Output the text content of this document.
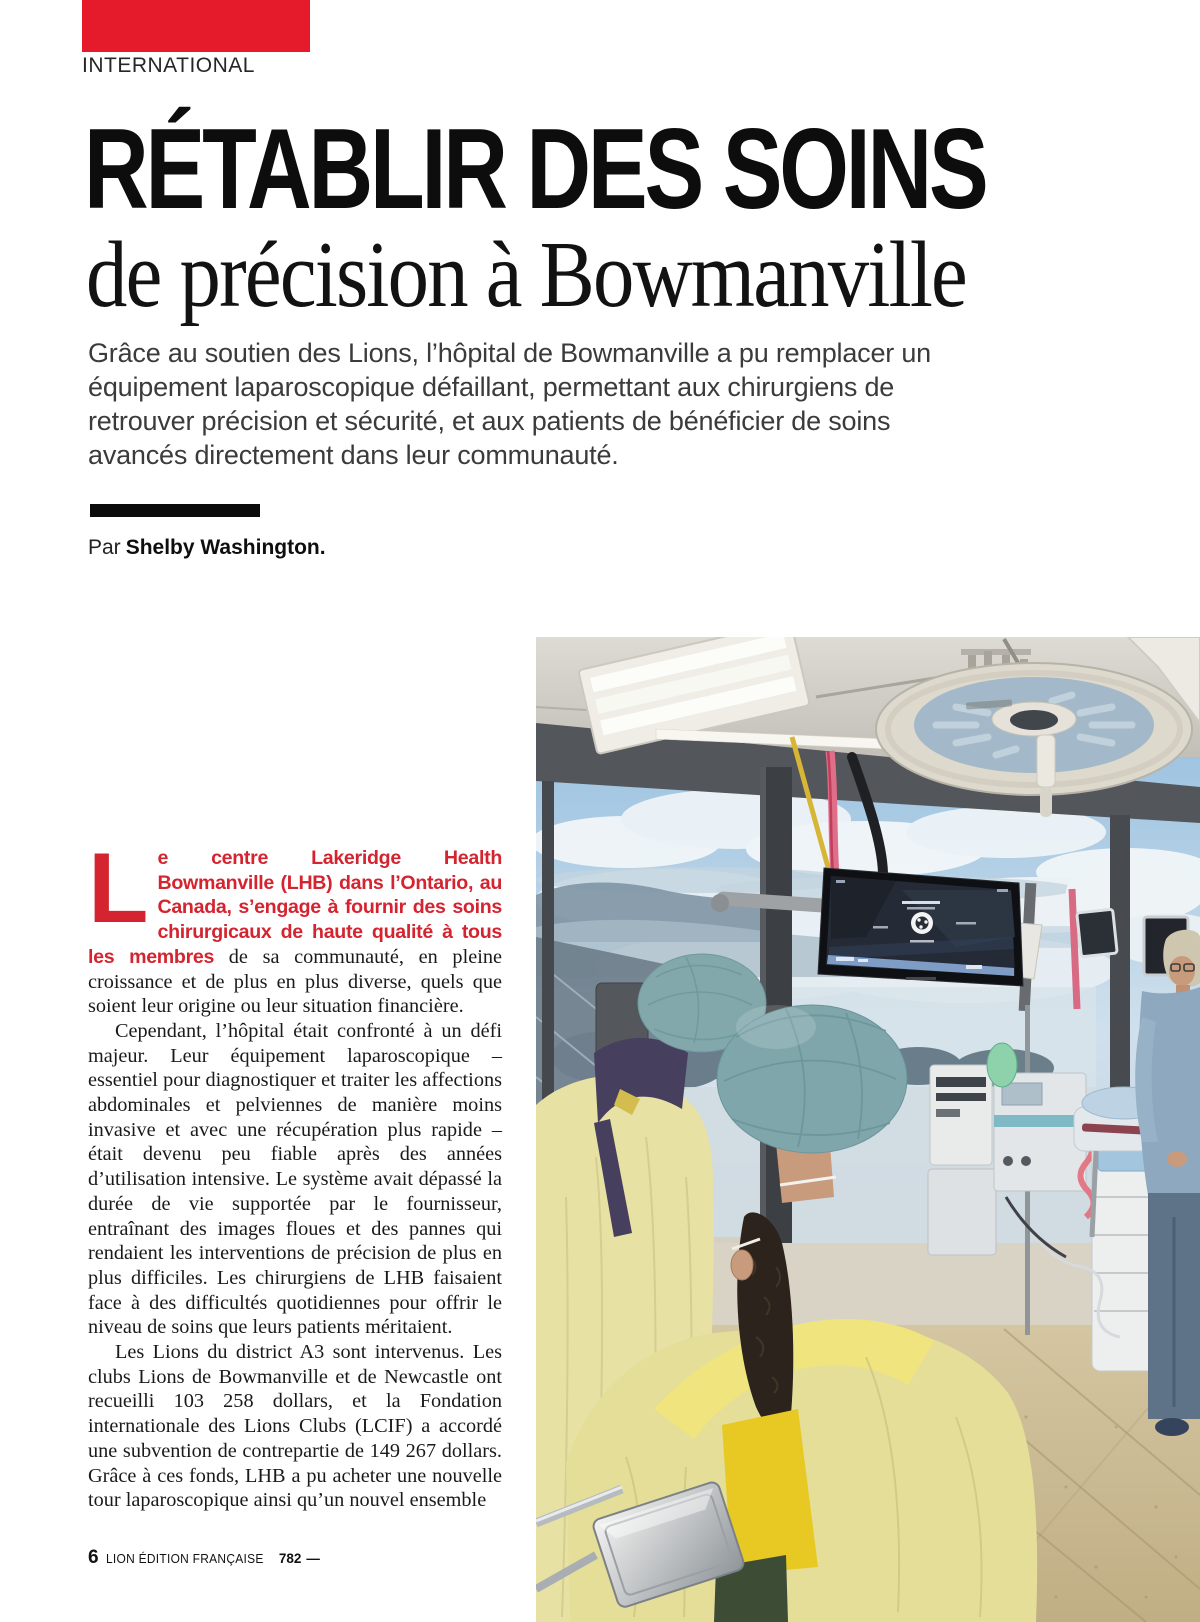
INTERNATIONAL
RÉTABLIR DES SOINS
de précision à Bowmanville
Grâce au soutien des Lions, l’hôpital de Bowmanville a pu remplacer un équipement laparoscopique défaillant, permettant aux chirurgiens de retrouver précision et sécurité, et aux patients de bénéficier de soins avancés directement dans leur communauté.
Par Shelby Washington.

Le centre Lakeridge Health Bowmanville (LHB) dans l’Ontario, au Canada, s’engage à fournir des soins chirurgicaux de haute qualité à tous les membres de sa communauté, en pleine croissance et de plus en plus diverse, quels que soient leur origine ou leur situation financière.

Cependant, l’hôpital était confronté à un défi majeur. Leur équipement laparoscopique – essentiel pour diagnostiquer et traiter les affections abdominales et pelviennes de manière moins invasive et avec une récupération plus rapide – était devenu peu fiable après des années d’utilisation intensive. Le système avait dépassé la durée de vie supportée par le fournisseur, entraînant des images floues et des pannes qui rendaient les interventions de précision de plus en plus difficiles. Les chirurgiens de LHB faisaient face à des difficultés quotidiennes pour offrir le niveau de soins que leurs patients méritaient.

Les Lions du district A3 sont intervenus. Les clubs Lions de Bowmanville et de Newcastle ont recueilli 103 258 dollars, et la Fondation internationale des Lions Clubs (LCIF) a accordé une subvention de contrepartie de 149 267 dollars. Grâce à ces fonds, LHB a pu acheter une nouvelle tour laparoscopique ainsi qu’un nouvel ensemble

6 LION ÉDITION FRANÇAISE 782 —
